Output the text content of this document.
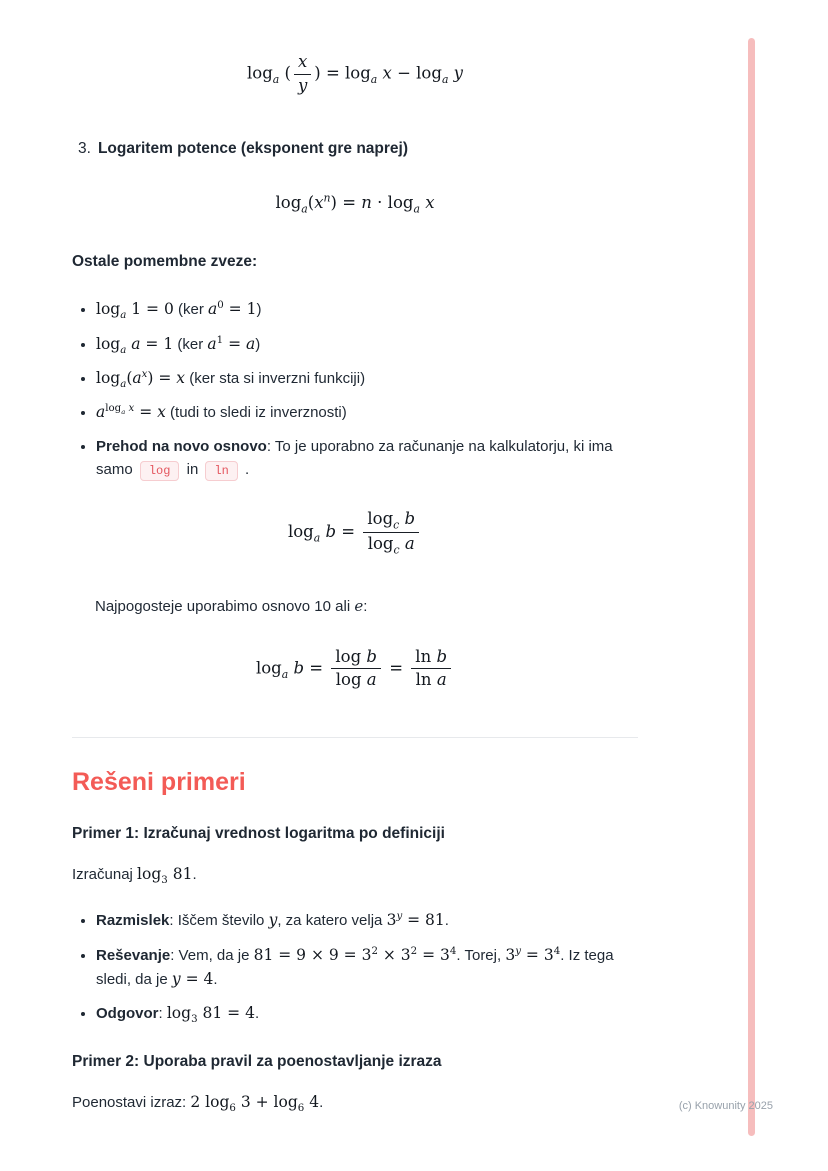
$\log_a$ ( $\frac{x}{y}$ ) = $\log_a x - \log_a y$
3. Logaritem potence (eksponent gre naprej)
$\log_a(x^n) = n \cdot \log_a x$

Ostale pomembne zveze:

• $\log_a 1 = 0$ (ker $a^0 = 1$)
• $\log_a a = 1$ (ker $a^1 = a$)
• $\log_a(a^x) = x$ (ker sta si inverzni funkciji)
• $a^{log_a x} = x$ (tudi to sledi iz inverznosti)
• Prehod na novo osnovo: To je uporabno za računanje na kalkulatorju, ki ima samo log in ln .
$\log_a b = \frac{\log_c b}{\log_c a}$

Najpogosteje uporabimo osnovo 10 ali e:

$\log_a b = \frac{\text{log b}}{\text{log a}} = \frac{\text{ln b}}{\text{ln a}}$
Rešeni primeri
Primer 1: Izračunaj vrednost logaritma po definiciji

Izračunaj $\log_3 81$.

• Razmislek: Iščem število y, za katero velja $3^y = 81$.
• Reševanje: Vem, da je $81 = 9 \times 9 = 3^2 \times 3^2 = 3^4$. Torej, $3^y = 3^4$. Iz tega sledi, da je y = 4.
• Odgovor: $\log_3 81 = 4$.
Primer 2: Uporaba pravil za poenostavljanje izraza

Poenostavi izraz: 2 $\log_6 3 + \log_6 4$.	(c) Knowunity 2025
